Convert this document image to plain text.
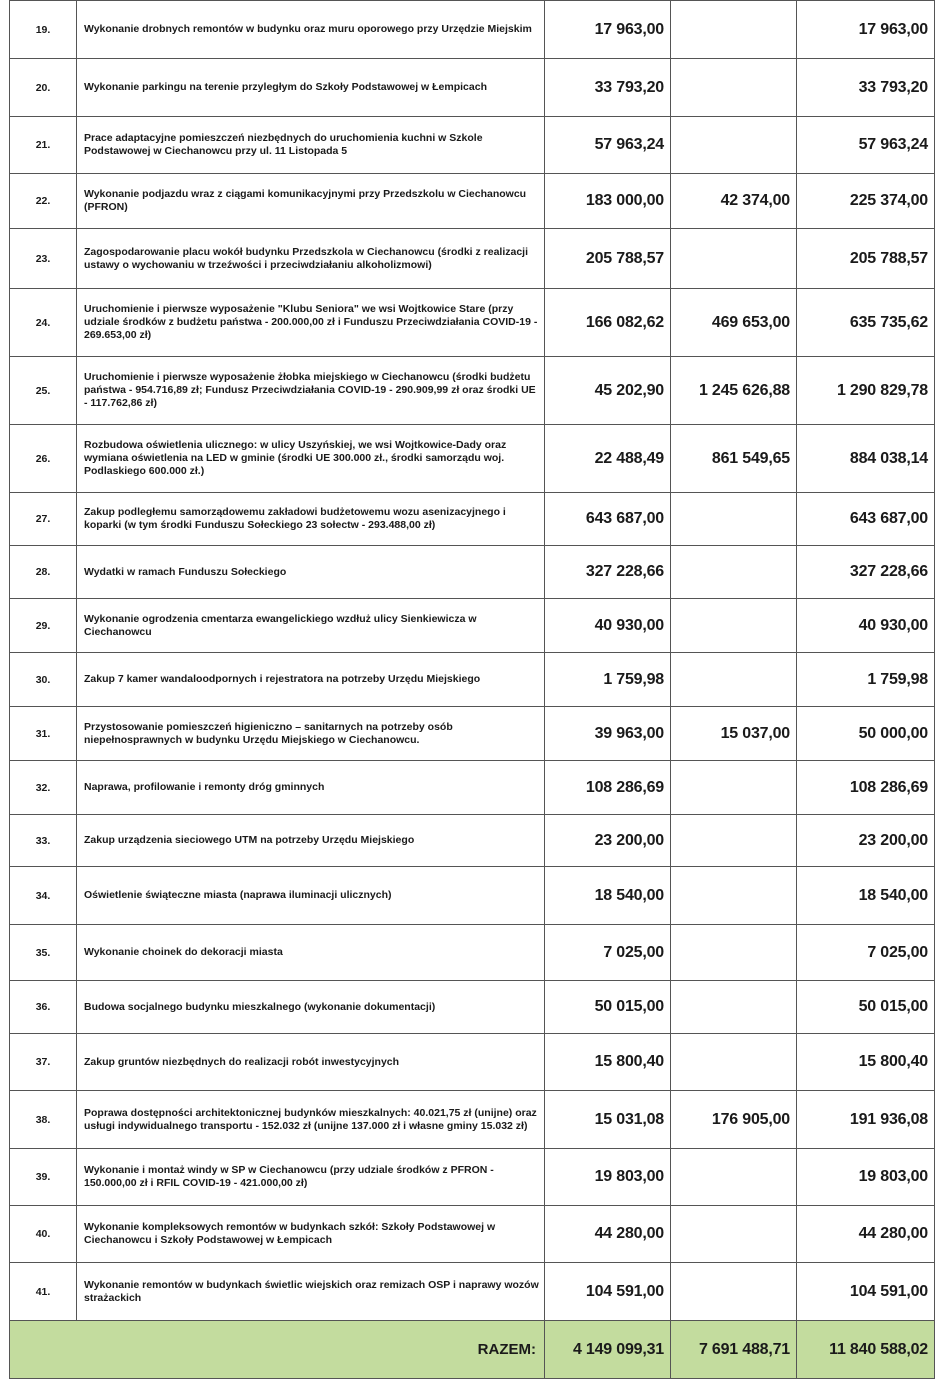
19.	Wykonanie drobnych remontów w budynku oraz muru oporowego przy Urzędzie Miejskim	17 963,00		17 963,00
20.	Wykonanie parkingu na terenie przyległym do Szkoły Podstawowej w Łempicach	33 793,20		33 793,20
21.	Prace adaptacyjne pomieszczeń niezbędnych do uruchomienia kuchni w Szkole Podstawowej w Ciechanowcu przy ul. 11 Listopada 5	57 963,24		57 963,24
22.	Wykonanie podjazdu wraz z ciągami komunikacyjnymi przy Przedszkolu w Ciechanowcu (PFRON)	183 000,00	42 374,00	225 374,00
23.	Zagospodarowanie placu wokół budynku Przedszkola w Ciechanowcu (środki z realizacji ustawy o wychowaniu w trzeźwości i przeciwdziałaniu alkoholizmowi)	205 788,57		205 788,57
24.	Uruchomienie i pierwsze wyposażenie "Klubu Seniora" we wsi Wojtkowice Stare (przy udziale środków z budżetu państwa - 200.000,00 zł i Funduszu Przeciwdziałania COVID-19 - 269.653,00 zł)	166 082,62	469 653,00	635 735,62
25.	Uruchomienie i pierwsze wyposażenie żłobka miejskiego w Ciechanowcu (środki budżetu państwa - 954.716,89 zł; Fundusz Przeciwdziałania COVID-19 - 290.909,99 zł oraz środki UE - 117.762,86 zł)	45 202,90	1 245 626,88	1 290 829,78
26.	Rozbudowa oświetlenia ulicznego: w ulicy Uszyńskiej, we wsi Wojtkowice-Dady oraz wymiana oświetlenia na LED w gminie (środki UE 300.000 zł., środki samorządu woj. Podlaskiego 600.000 zł.)	22 488,49	861 549,65	884 038,14
27.	Zakup podległemu samorządowemu zakładowi budżetowemu wozu asenizacyjnego i koparki (w tym środki Funduszu Sołeckiego 23 sołectw - 293.488,00 zł)	643 687,00		643 687,00
28.	Wydatki w ramach Funduszu Sołeckiego	327 228,66		327 228,66
29.	Wykonanie ogrodzenia cmentarza ewangelickiego wzdłuż ulicy Sienkiewicza w Ciechanowcu	40 930,00		40 930,00
30.	Zakup 7 kamer wandaloodpornych i rejestratora na potrzeby Urzędu Miejskiego	1 759,98		1 759,98
31.	Przystosowanie pomieszczeń higieniczno – sanitarnych na potrzeby osób niepełnosprawnych w budynku Urzędu Miejskiego w Ciechanowcu.	39 963,00	15 037,00	50 000,00
32.	Naprawa, profilowanie i remonty dróg gminnych	108 286,69		108 286,69
33.	Zakup urządzenia sieciowego UTM na potrzeby Urzędu Miejskiego	23 200,00		23 200,00
34.	Oświetlenie świąteczne miasta (naprawa iluminacji ulicznych)	18 540,00		18 540,00
35.	Wykonanie choinek do dekoracji miasta	7 025,00		7 025,00
36.	Budowa socjalnego budynku mieszkalnego (wykonanie dokumentacji)	50 015,00		50 015,00
37.	Zakup gruntów niezbędnych do realizacji robót inwestycyjnych	15 800,40		15 800,40
38.	Poprawa dostępności architektonicznej budynków mieszkalnych: 40.021,75 zł (unijne) oraz usługi indywidualnego transportu - 152.032 zł (unijne 137.000 zł i własne gminy 15.032 zł)	15 031,08	176 905,00	191 936,08
39.	Wykonanie i montaż windy w SP w Ciechanowcu (przy udziale środków z PFRON - 150.000,00 zł i RFIL COVID-19 - 421.000,00 zł)	19 803,00		19 803,00
40.	Wykonanie kompleksowych remontów w budynkach szkół: Szkoły Podstawowej w Ciechanowcu i Szkoły Podstawowej w Łempicach	44 280,00		44 280,00
41.	Wykonanie remontów w budynkach świetlic wiejskich oraz remizach OSP i naprawy wozów strażackich	104 591,00		104 591,00
RAZEM:		4 149 099,31	7 691 488,71	11 840 588,02
